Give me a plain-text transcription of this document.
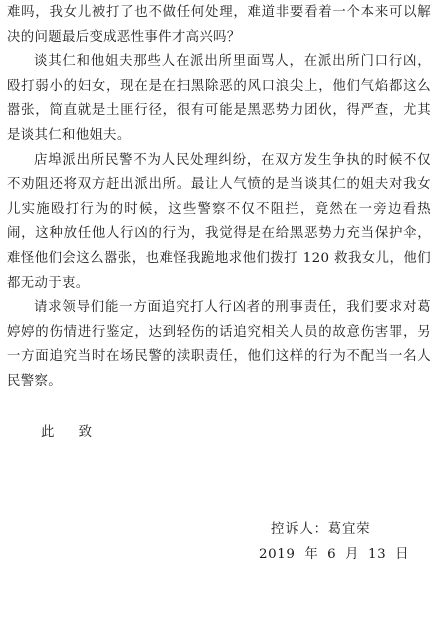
难吗，我女儿被打了也不做任何处理，难道非要看着一个本来可以解决的问题最后变成恶性事件才高兴吗？

谈其仁和他姐夫那些人在派出所里面骂人，在派出所门口行凶，殴打弱小的妇女，现在是在扫黑除恶的风口浪尖上，他们气焰都这么嚣张，简直就是土匪行径，很有可能是黑恶势力团伙，得严查，尤其是谈其仁和他姐夫。

店埠派出所民警不为人民处理纠纷，在双方发生争执的时候不仅不劝阻还将双方赶出派出所。最让人气愤的是当谈其仁的姐夫对我女儿实施殴打行为的时候，这些警察不仅不阻拦，竟然在一旁边看热闹，这种放任他人行凶的行为，我觉得是在给黑恶势力充当保护伞，难怪他们会这么嚣张，也难怪我跪地求他们拨打 120 救我女儿，他们都无动于衷。

请求领导们能一方面追究打人行凶者的刑事责任，我们要求对葛婷婷的伤情进行鉴定，达到轻伤的话追究相关人员的故意伤害罪，另一方面追究当时在场民警的渎职责任，他们这样的行为不配当一名人民警察。

此 致
控诉人：葛宜荣
2019 年 6 月 13 日
